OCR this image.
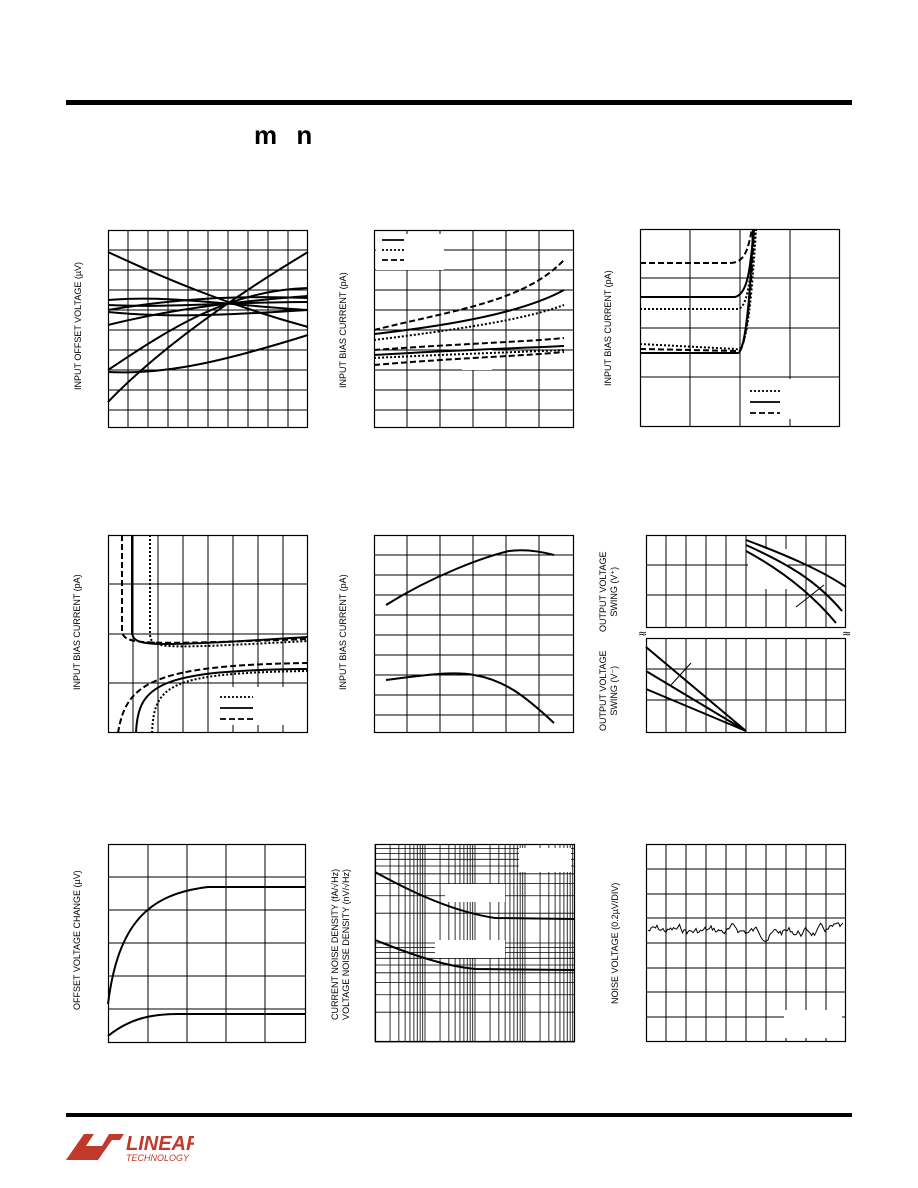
m n
INPUT OFFSET VOLTAGE (µV)	INPUT BIAS CURRENT (pA)	INPUT BIAS CURRENT (pA)
INPUT BIAS CURRENT (pA)	INPUT BIAS CURRENT (pA)	≈	≈
OUTPUT VOLTAGE SWING (V⁺)
OUTPUT VOLTAGE SWING (V⁻)
OFFSET VOLTAGE CHANGE (µV)	CURRENT NOISE DENSITY (fA/√Hz) VOLTAGE NOISE DENSITY (nV/√Hz)	NOISE VOLTAGE (0.2µV/DIV)
LINEAR
TECHNOLOGY
